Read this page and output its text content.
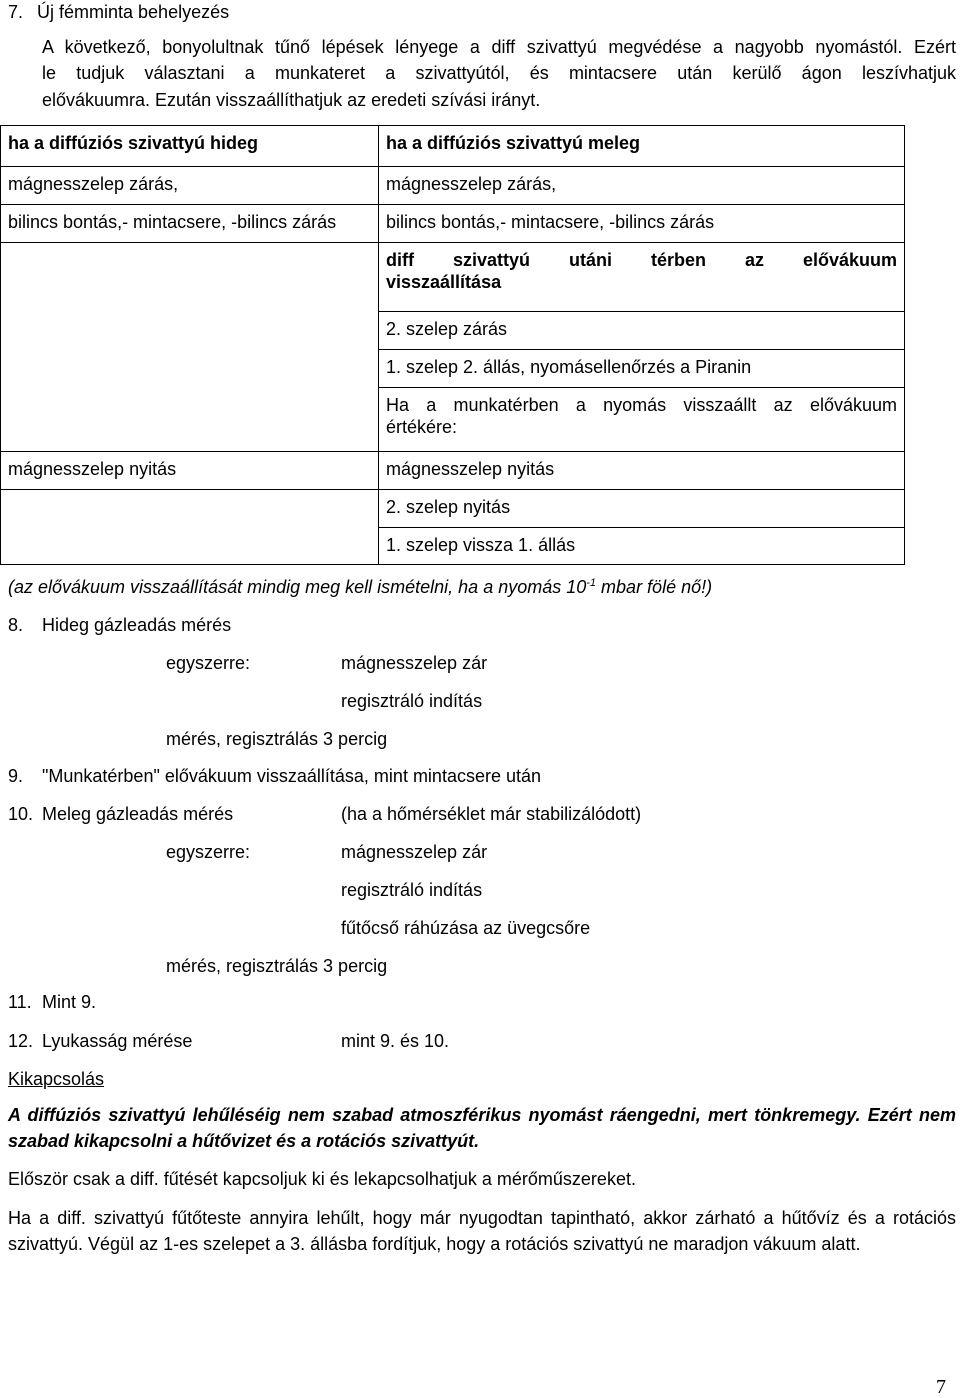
7. Új fémminta behelyezés
A következő, bonyolultnak tűnő lépések lényege a diff szivattyú megvédése a nagyobb nyomástól. Ezért
le tudjuk választani a munkateret a szivattyútól, és mintacsere után kerülő ágon leszívhatjuk
elővákuumra. Ezután visszaállíthatjuk az eredeti szívási irányt.
ha a diffúziós szivattyú hideg	ha a diffúziós szivattyú meleg
mágnesszelep zárás,	mágnesszelep zárás,
bilincs bontás,- mintacsere, -bilincs zárás	bilincs bontás,- mintacsere, -bilincs zárás

	diff szivattyú utáni térben az elővákuum
visszaállítása

	2. szelep zárás
	1. szelep 2. állás, nyomásellenőrzés a Piranin

	Ha a munkatérben a nyomás visszaállt az elővákuum
értékére:

mágnesszelep nyitás	mágnesszelep nyitás
	2. szelep nyitás
	1. szelep vissza 1. állás
(az elővákuum visszaállítását mindig meg kell ismételni, ha a nyomás $10^{-1}$ mbar fölé nő!)
8. Hideg gázleadás mérés
egyszerre:	mágnesszelep zár
regisztráló indítás
mérés, regisztrálás 3 percig
9. "Munkatérben" elővákuum visszaállítása, mint mintacsere után
10. Meleg gázleadás mérés	(ha a hőmérséklet már stabilizálódott)
egyszerre:	mágnesszelep zár
regisztráló indítás
fűtőcső ráhúzása az üvegcsőre
mérés, regisztrálás 3 percig
11. Mint 9.
12. Lyukasság mérése	mint 9. és 10.
Kikapcsolás
A diffúziós szivattyú lehűléséig nem szabad atmoszférikus nyomást ráengedni, mert tönkremegy. Ezért nem szabad kikapcsolni a hűtővizet és a rotációs szivattyút.
Először csak a diff. fűtését kapcsoljuk ki és lekapcsolhatjuk a mérőműszereket.
Ha a diff. szivattyú fűtőteste annyira lehűlt, hogy már nyugodtan tapintható, akkor zárható a hűtővíz és a rotációs szivattyú. Végül az 1-es szelepet a 3. állásba fordítjuk, hogy a rotációs szivattyú ne maradjon vákuum alatt.
7
